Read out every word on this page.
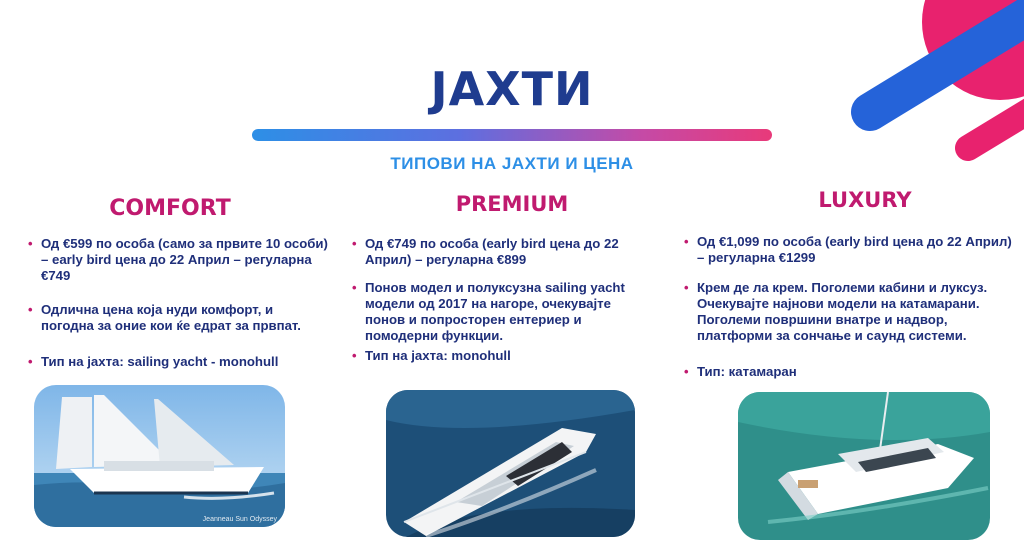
ЈАХТИ
ТИПОВИ НА ЈАХТИ И ЦЕНА
COMFORT
• Од €599 по особа (само за првите 10 особи) – early bird цена до 22 Април – регуларна €749
• Одлична цена која нуди комфорт, и погодна за оние кои ќе едрат за првпат.
• Тип на јахта: sailing yacht - monohull
Jeanneau Sun Odyssey
PREMIUM
• Од €749 по особа (early bird цена до 22 Април) – регуларна €899
• Понов модел и полуксузна sailing yacht модели од 2017 на нагоре, очекувајте понов и попросторен ентериер и помодерни функции.
• Тип на јахта: monohull
LUXURY
• Од €1,099 по особа (early bird цена до 22 Април) – регуларна €1299
• Крем де ла крем. Поголеми кабини и луксуз. Очекувајте најнови модели на катамарани. Поголеми површини внатре и надвор, платформи за сончање и саунд системи.
• Тип: катамаран
